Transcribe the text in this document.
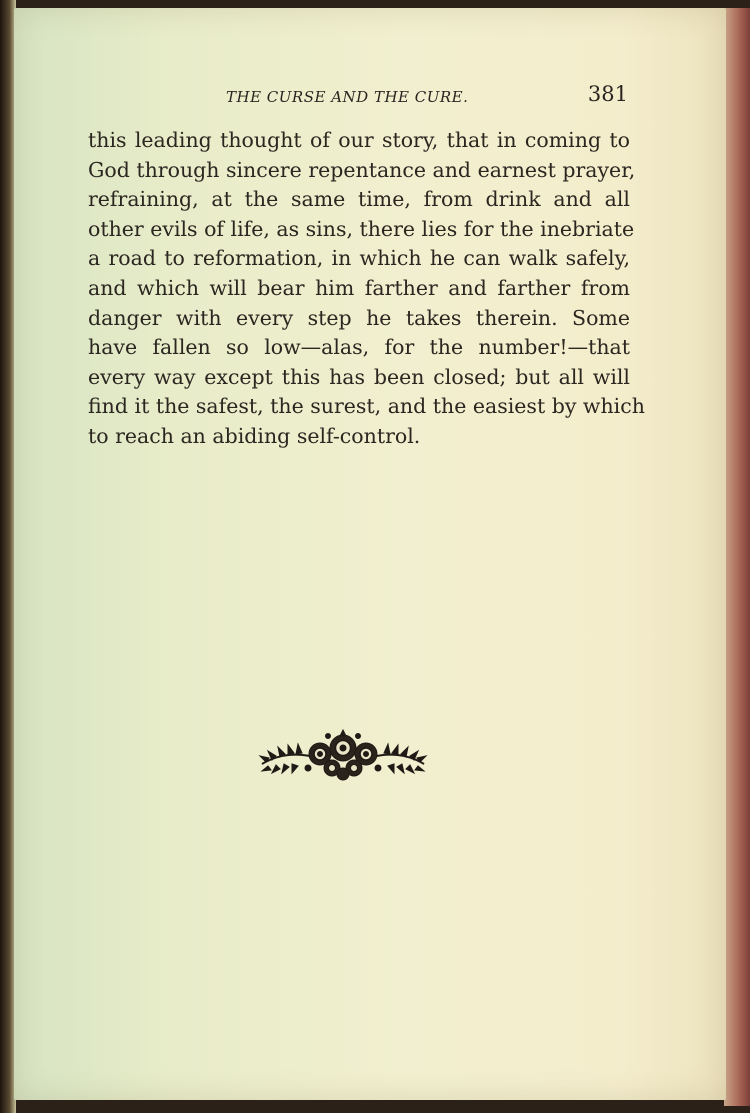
THE CURSE AND THE CURE.	381
this leading thought of our story, that in coming to
God through sincere repentance and earnest prayer,
refraining, at the same time, from drink and all
other evils of life, as sins, there lies for the inebriate
a road to reformation, in which he can walk safely,
and which will bear him farther and farther from
danger with every step he takes therein. Some
have fallen so low—alas, for the number!—that
every way except this has been closed; but all will
find it the safest, the surest, and the easiest by which
to reach an abiding self-control.
